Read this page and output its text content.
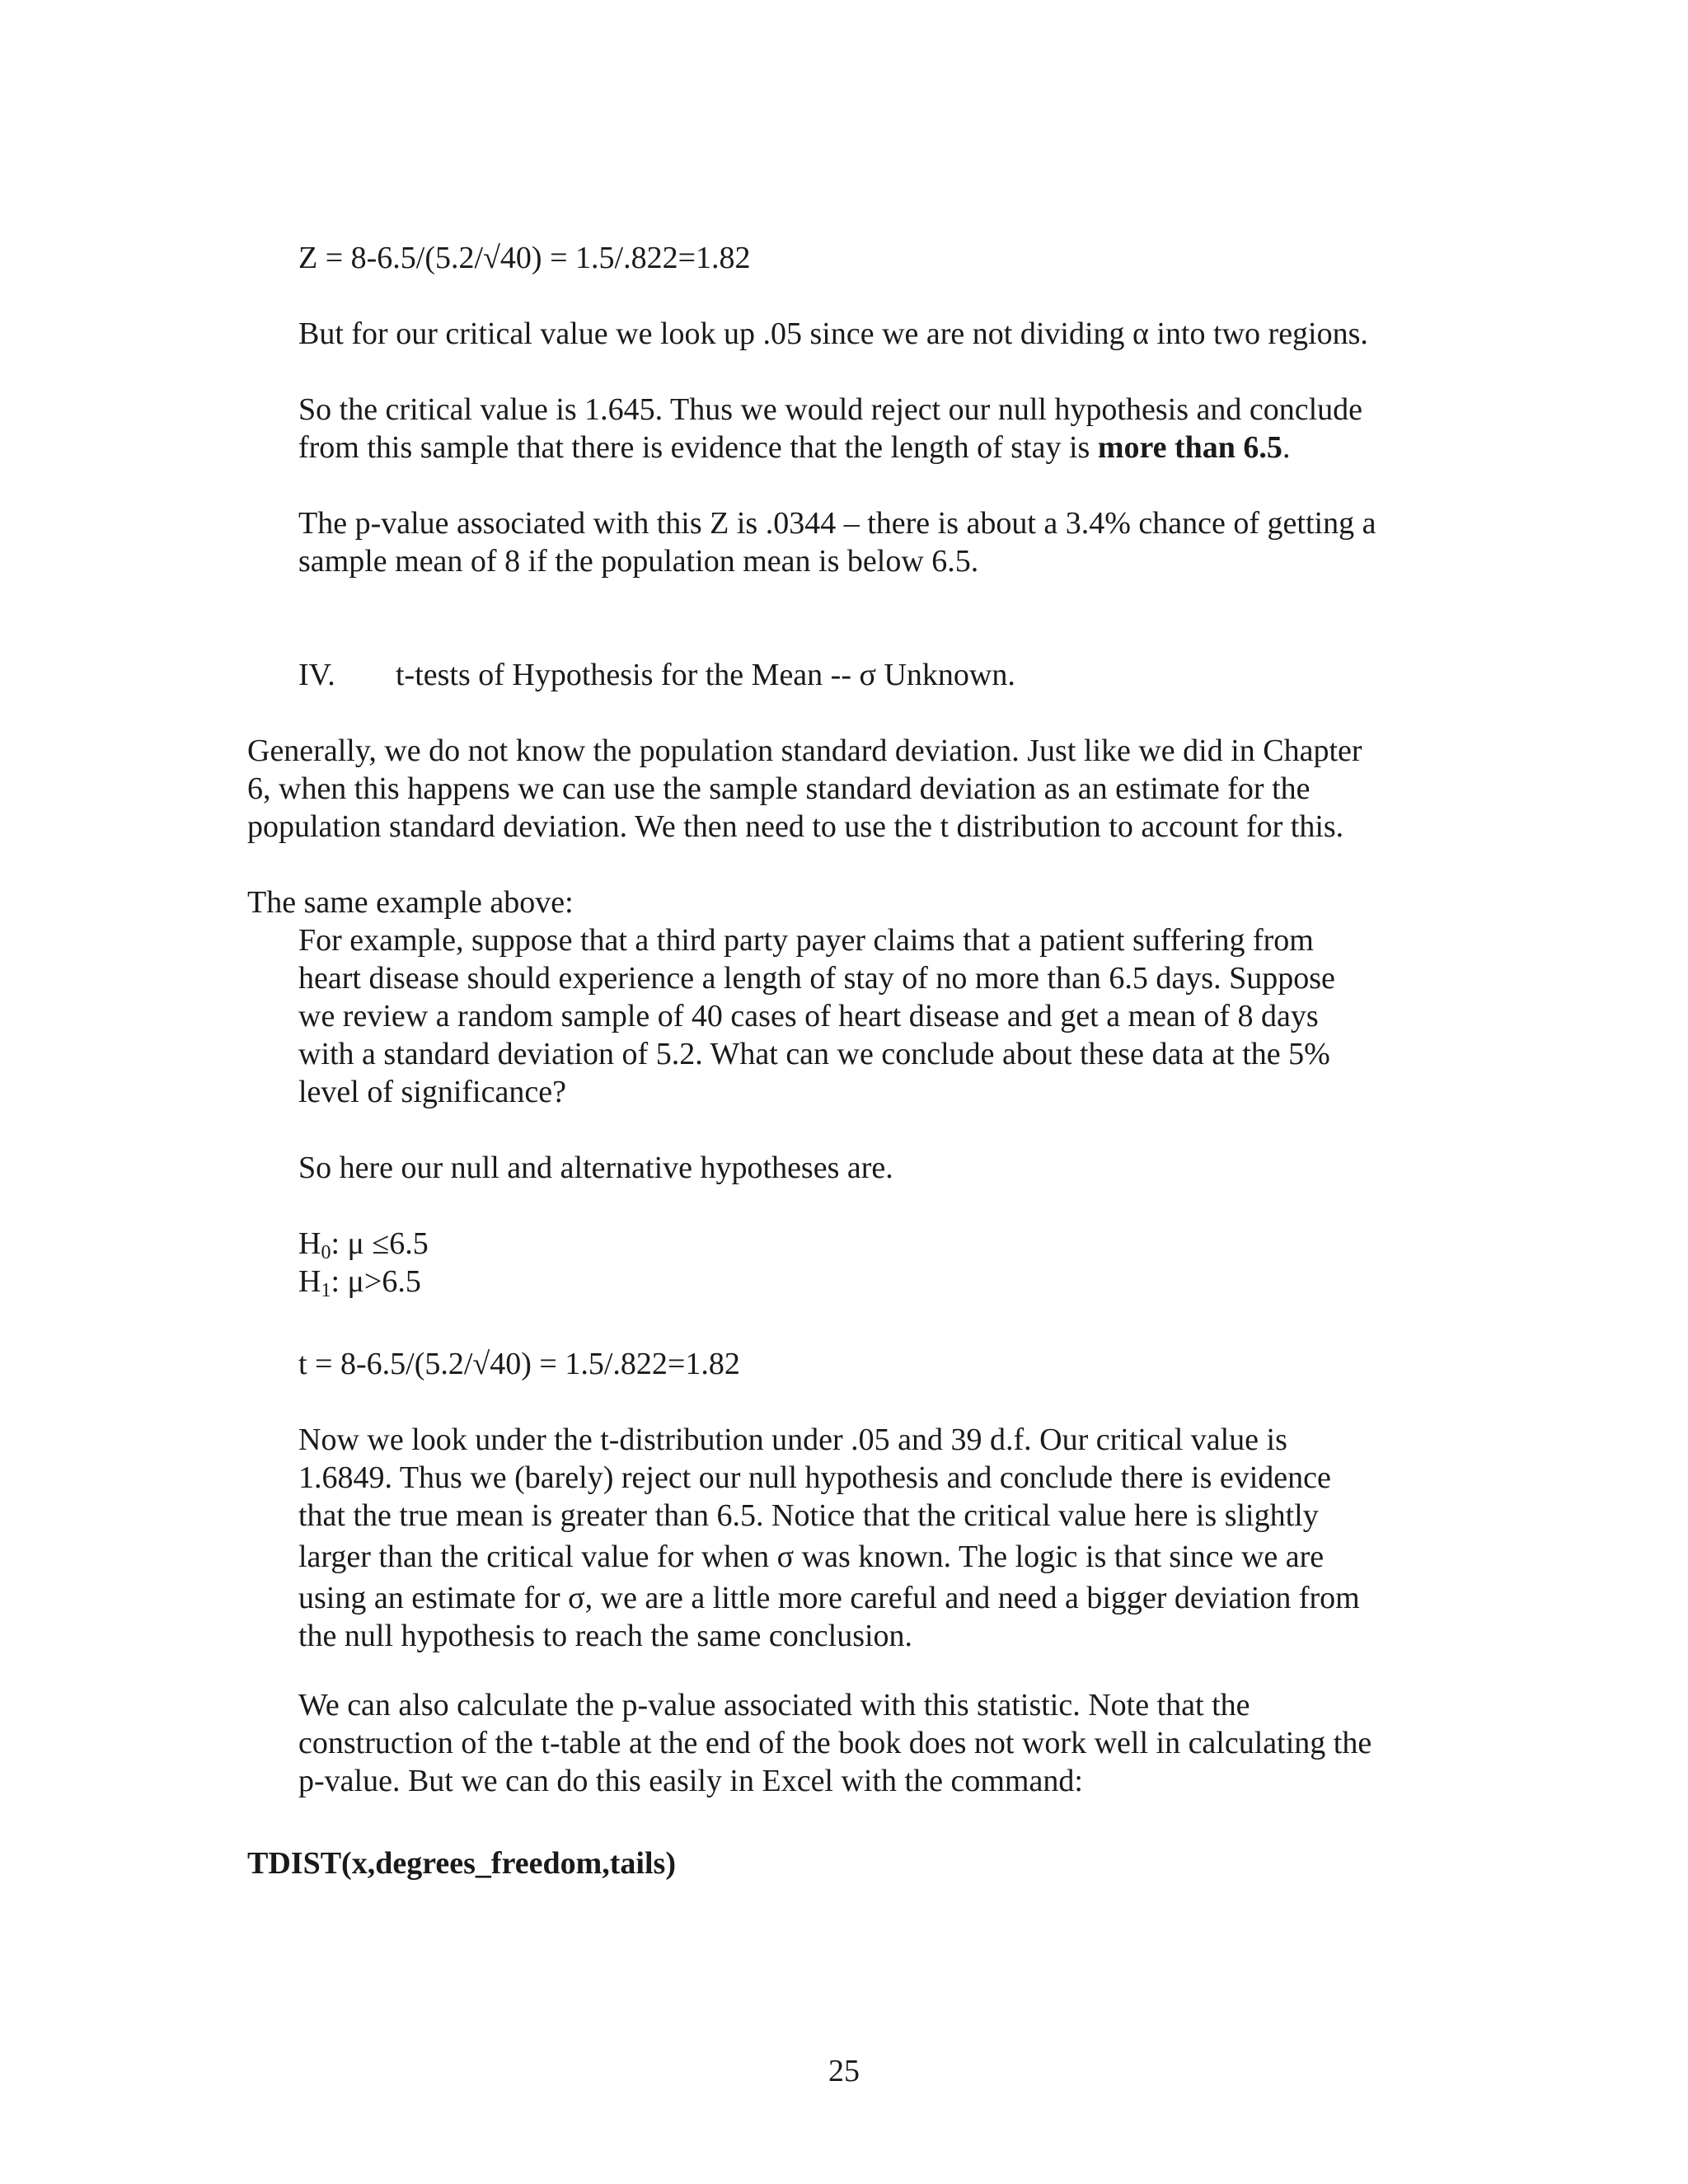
Z = 8-6.5/(5.2/√40) = 1.5/.822=1.82

But for our critical value we look up .05 since we are not dividing α into two regions.

So the critical value is 1.645. Thus we would reject our null hypothesis and conclude
from this sample that there is evidence that the length of stay is more than 6.5.

The p-value associated with this Z is .0344 – there is about a 3.4% chance of getting a
sample mean of 8 if the population mean is below 6.5.

IV. t-tests of Hypothesis for the Mean -- σ Unknown.

Generally, we do not know the population standard deviation. Just like we did in Chapter
6, when this happens we can use the sample standard deviation as an estimate for the
population standard deviation. We then need to use the t distribution to account for this.

The same example above:

For example, suppose that a third party payer claims that a patient suffering from
heart disease should experience a length of stay of no more than 6.5 days. Suppose
we review a random sample of 40 cases of heart disease and get a mean of 8 days
with a standard deviation of 5.2. What can we conclude about these data at the 5%
level of significance?

So here our null and alternative hypotheses are.

$H_0$: μ ≤6.5
$H_1$: μ>6.5

t = 8-6.5/(5.2/√40) = 1.5/.822=1.82

Now we look under the t-distribution under .05 and 39 d.f. Our critical value is
1.6849. Thus we (barely) reject our null hypothesis and conclude there is evidence
that the true mean is greater than 6.5. Notice that the critical value here is slightly
larger than the critical value for when σ was known. The logic is that since we are
using an estimate for σ, we are a little more careful and need a bigger deviation from
the null hypothesis to reach the same conclusion.

We can also calculate the p-value associated with this statistic. Note that the
construction of the t-table at the end of the book does not work well in calculating the
p-value. But we can do this easily in Excel with the command:

TDIST(x,degrees_freedom,tails)

25
